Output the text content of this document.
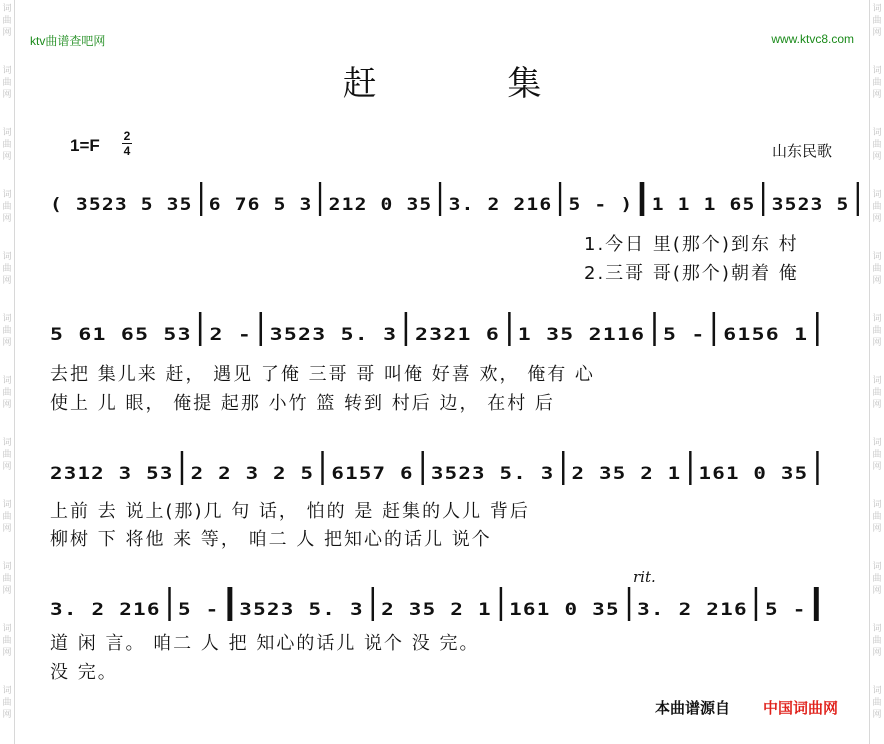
词
曲
网
词
曲
网
词
曲
网
词
曲
网
词
曲
网
词
曲
网
词
曲
网
词
曲
网
词
曲
网
词
曲
网
词
曲
网
词
曲
网
词
曲
网
词
曲
网
词
曲
网
词
曲
网
词
曲
网
词
曲
网
词
曲
网
词
曲
网
词
曲
网
词
曲
网
词
曲
网
词
曲
网
ktv曲谱查吧网	www.ktvc8.com
赶 集
1=F 2
4	山东民歌
( 3523 5 35 6 76 5 3 212 0 35 3. 2 216 5 - ) 1 1 1 65 3523 5
1.今日 里(那个)到东 村
2.三哥 哥(那个)朝着 俺
5 61 65 53 2 - 3523 5. 3 2321 6 1 35 2116 5 - 6156 1
去把 集儿来 赶， 遇见 了俺 三哥 哥 叫俺 好喜 欢， 俺有 心
使上 儿 眼， 俺提 起那 小竹 篮 转到 村后 边， 在村 后
2312 3 53 2 2 3 2 5 6157 6 3523 5. 3 2 35 2 1 161 0 35
上前 去 说上(那)几 句 话， 怕的 是 赶集的人儿 背后
柳树 下 将他 来 等， 咱二 人 把知心的话儿 说个
rit.
3. 2 216 5 - 3523 5. 3 2 35 2 1 161 0 35 3. 2 216 5 -
道 闲 言。 咱二 人 把 知心的话儿 说个 没 完。
没 完。
本曲谱源自 中国词曲网
